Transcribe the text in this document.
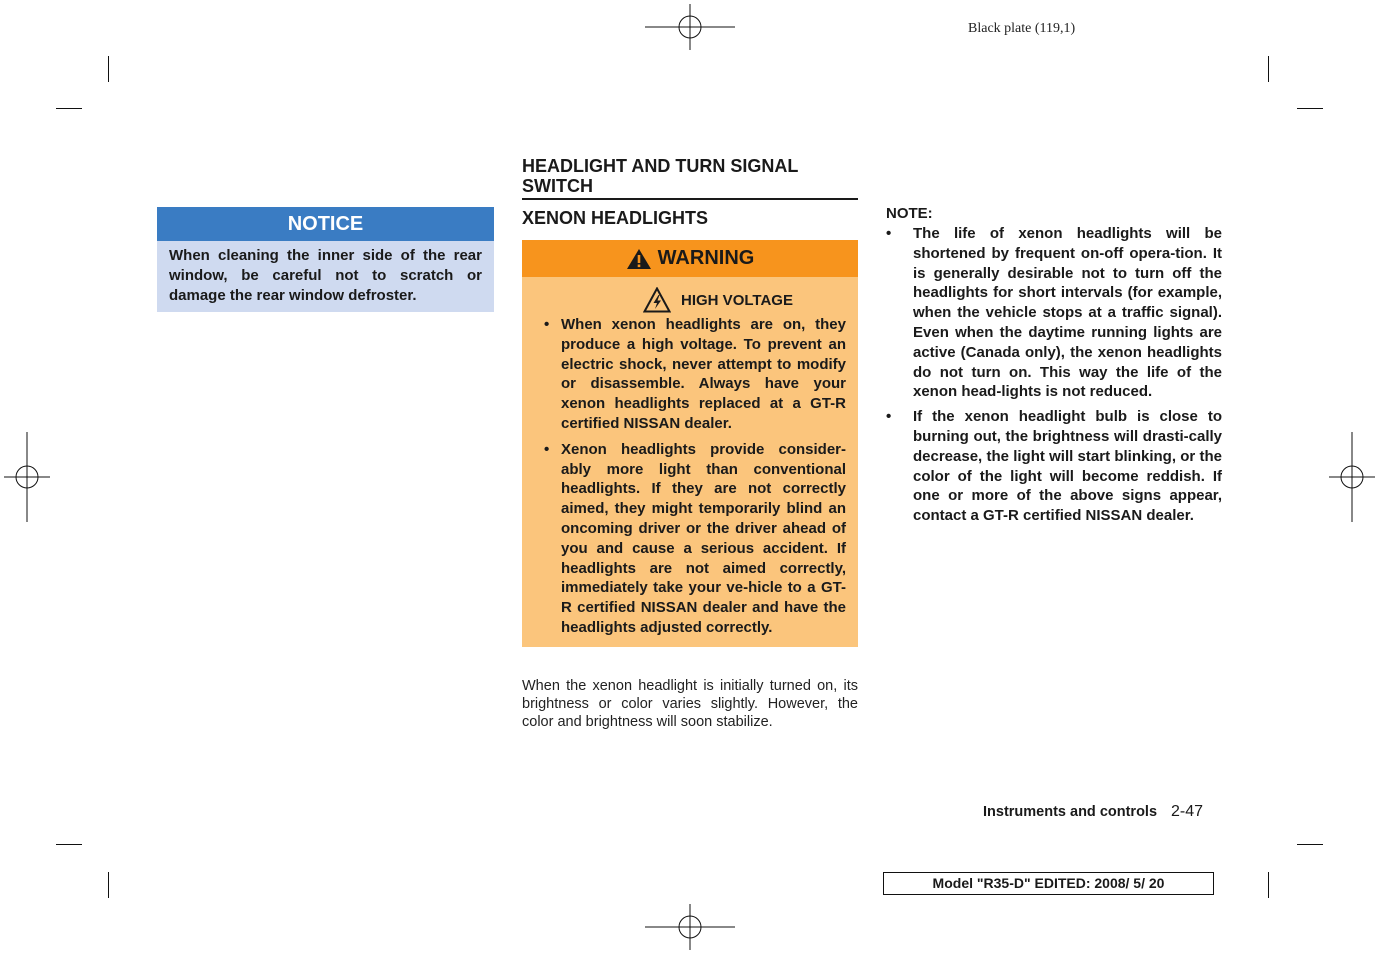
Black plate (119,1)
NOTICE
When cleaning the inner side of the rear window, be careful not to scratch or damage the rear window defroster.
HEADLIGHT AND TURN SIGNAL SWITCH
XENON HEADLIGHTS
WARNING
HIGH VOLTAGE
• When xenon headlights are on, they produce a high voltage. To prevent an electric shock, never attempt to modify or disassemble. Always have your xenon headlights replaced at a GT-R certified NISSAN dealer.
• Xenon headlights provide consider-ably more light than conventional headlights. If they are not correctly aimed, they might temporarily blind an oncoming driver or the driver ahead of you and cause a serious accident. If headlights are not aimed correctly, immediately take your ve-hicle to a GT-R certified NISSAN dealer and have the headlights adjusted correctly.
When the xenon headlight is initially turned on, its brightness or color varies slightly. However, the color and brightness will soon stabilize.
NOTE:
• The life of xenon headlights will be shortened by frequent on-off opera-tion. It is generally desirable not to turn off the headlights for short intervals (for example, when the vehicle stops at a traffic signal). Even when the daytime running lights are active (Canada only), the xenon headlights do not turn on. This way the life of the xenon head-lights is not reduced.
• If the xenon headlight bulb is close to burning out, the brightness will drasti-cally decrease, the light will start blinking, or the color of the light will become reddish. If one or more of the above signs appear, contact a GT-R certified NISSAN dealer.
Instruments and controls 2-47
Model "R35-D" EDITED: 2008/ 5/ 20
